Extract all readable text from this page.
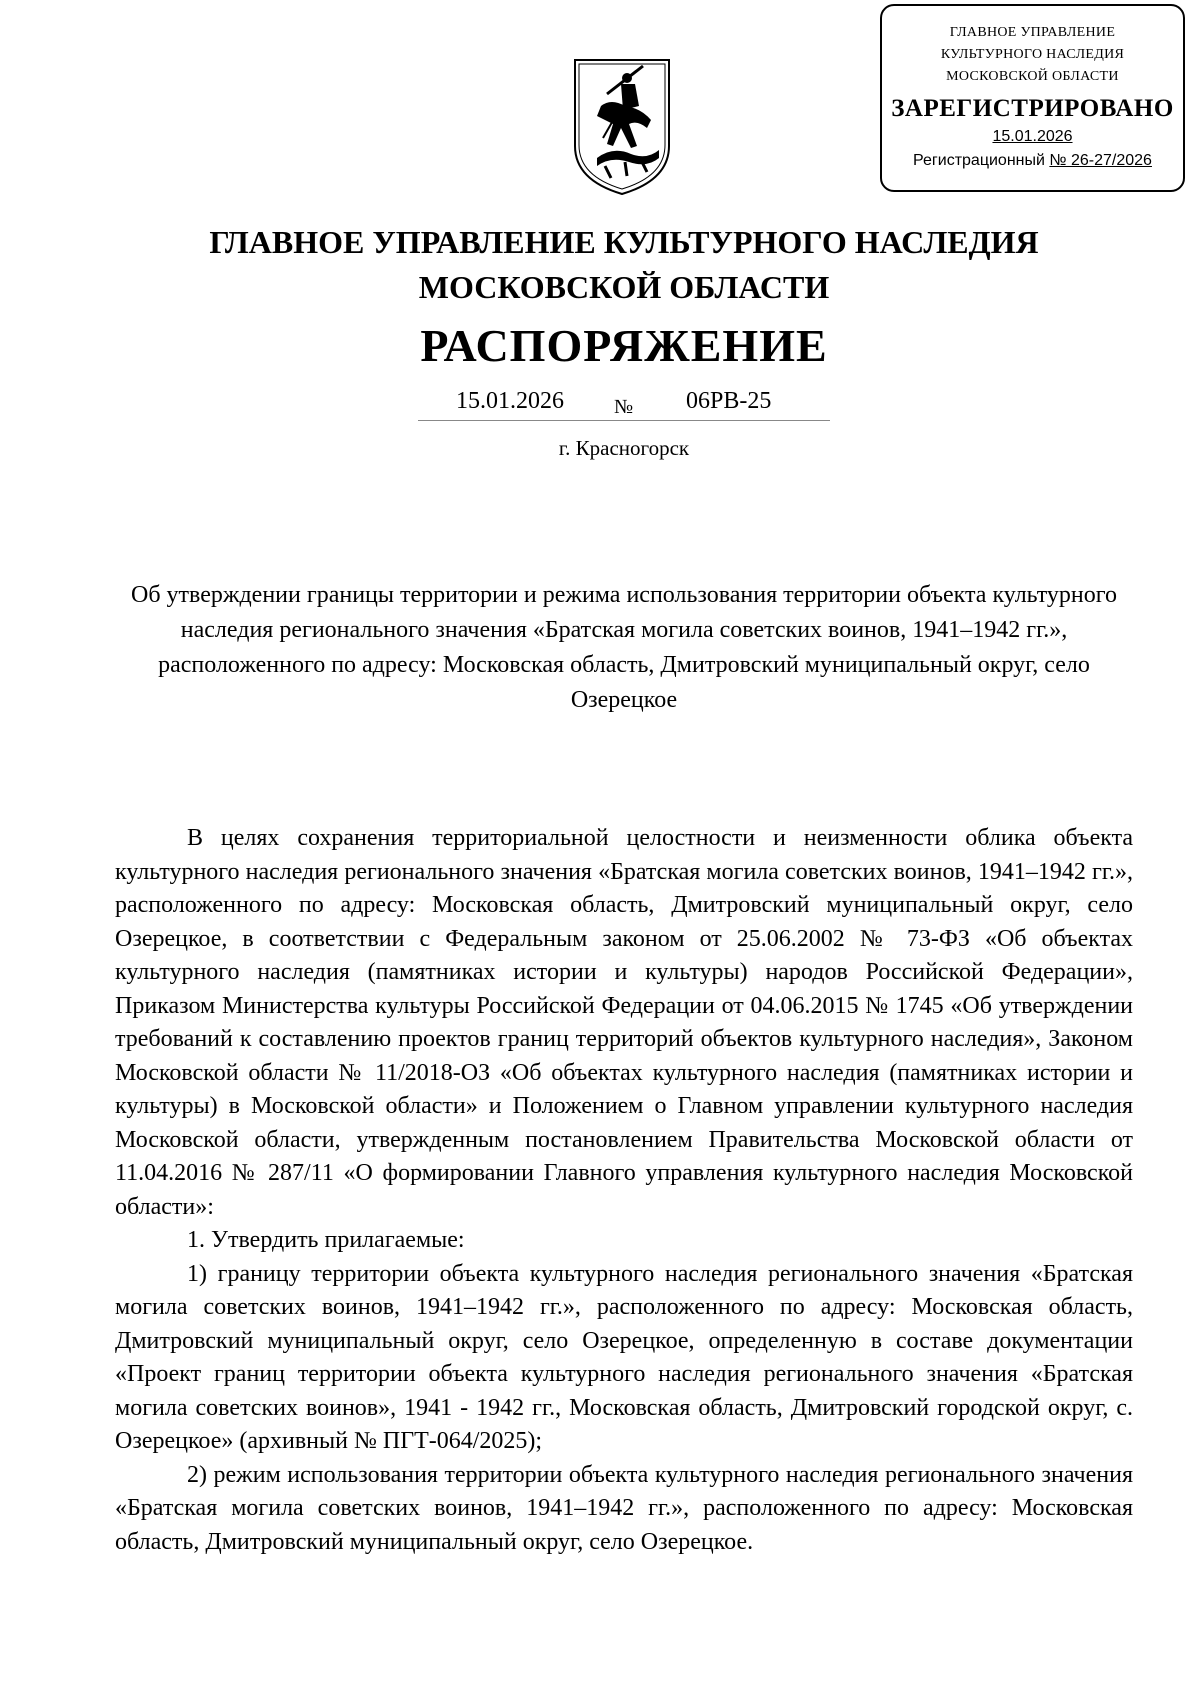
ГЛАВНОЕ УПРАВЛЕНИЕ
КУЛЬТУРНОГО НАСЛЕДИЯ
МОСКОВСКОЙ ОБЛАСТИ
ЗАРЕГИСТРИРОВАНО
15.01.2026
Регистрационный № 26-27/2026
ГЛАВНОЕ УПРАВЛЕНИЕ КУЛЬТУРНОГО НАСЛЕДИЯ
МОСКОВСКОЙ ОБЛАСТИ
РАСПОРЯЖЕНИЕ
15.01.2026	№ 06РВ-25
г. Красногорск
Об утверждении границы территории и режима использования территории объекта культурного наследия регионального значения «Братская могила советских воинов, 1941–1942 гг.», расположенного по адресу: Московская область, Дмитровский муниципальный округ, село Озерецкое

В целях сохранения территориальной целостности и неизменности облика объекта культурного наследия регионального значения «Братская могила советских воинов, 1941–1942 гг.», расположенного по адресу: Московская область, Дмитровский муниципальный округ, село Озерецкое, в соответствии с Федеральным законом от 25.06.2002 № 73-ФЗ «Об объектах культурного наследия (памятниках истории и культуры) народов Российской Федерации», Приказом Министерства культуры Российской Федерации от 04.06.2015 № 1745 «Об утверждении требований к составлению проектов границ территорий объектов культурного наследия», Законом Московской области № 11/2018-ОЗ «Об объектах культурного наследия (памятниках истории и культуры) в Московской области» и Положением о Главном управлении культурного наследия Московской области, утвержденным постановлением Правительства Московской области от 11.04.2016 № 287/11 «О формировании Главного управления культурного наследия Московской области»:

1. Утвердить прилагаемые:

1) границу территории объекта культурного наследия регионального значения «Братская могила советских воинов, 1941–1942 гг.», расположенного по адресу: Московская область, Дмитровский муниципальный округ, село Озерецкое, определенную в составе документации «Проект границ территории объекта культурного наследия регионального значения «Братская могила советских воинов», 1941 - 1942 гг., Московская область, Дмитровский городской округ, с. Озерецкое» (архивный № ПГТ-064/2025);

2) режим использования территории объекта культурного наследия регионального значения «Братская могила советских воинов, 1941–1942 гг.», расположенного по адресу: Московская область, Дмитровский муниципальный округ, село Озерецкое.
